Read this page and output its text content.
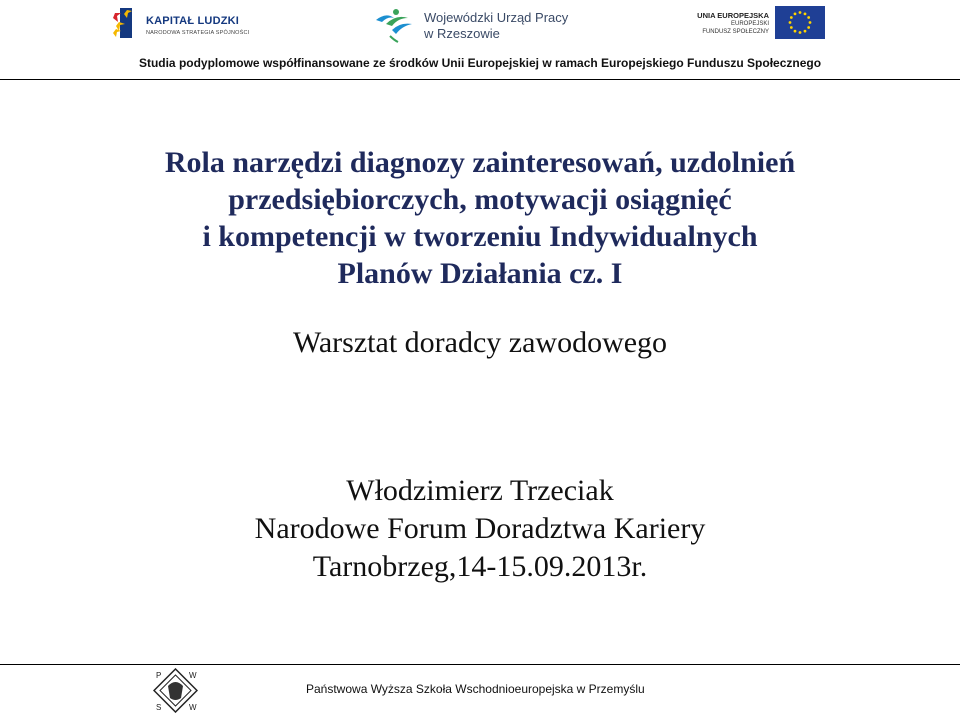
KAPITAŁ LUDZKI
NARODOWA STRATEGIA SPÓJNOŚCI
Wojewódzki Urząd Pracy
w Rzeszowie
UNIA EUROPEJSKA
EUROPEJSKI
FUNDUSZ SPOŁECZNY
Studia podyplomowe współfinansowane ze środków Unii Europejskiej w ramach Europejskiego Funduszu Społecznego
Rola narzędzi diagnozy zainteresowań, uzdolnień
przedsiębiorczych, motywacji osiągnięć
i kompetencji w tworzeniu Indywidualnych
Planów Działania cz. I
Warsztat doradcy zawodowego
Włodzimierz Trzeciak
Narodowe Forum Doradztwa Kariery
Tarnobrzeg,14-15.09.2013r.
P	W
S	W
Państwowa Wyższa Szkoła Wschodnioeuropejska w Przemyślu
